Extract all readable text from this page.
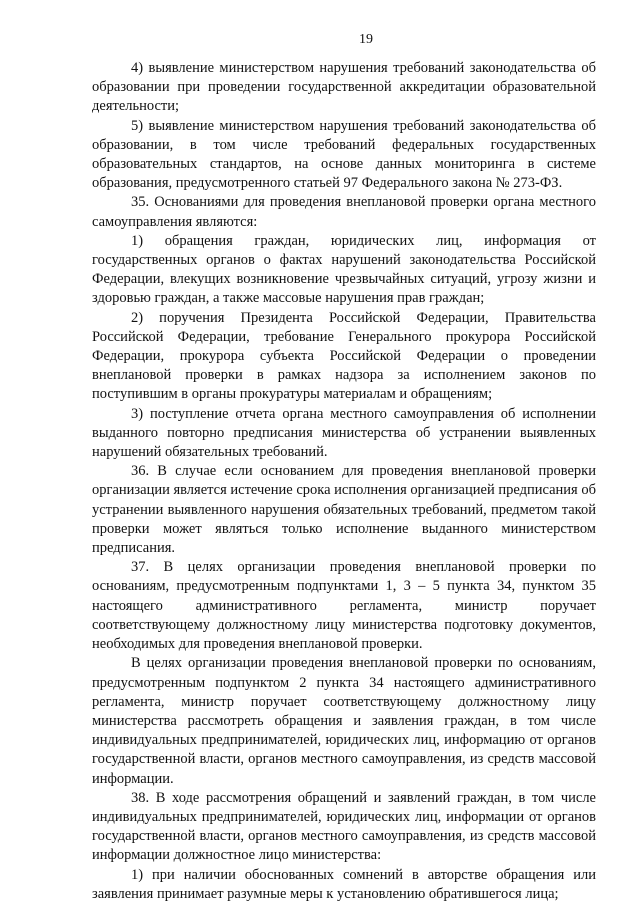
19

4) выявление министерством нарушения требований законодательства об образовании при проведении государственной аккредитации образовательной деятельности;

5) выявление министерством нарушения требований законодательства об образовании, в том числе требований федеральных государственных образовательных стандартов, на основе данных мониторинга в системе образования, предусмотренного статьей 97 Федерального закона № 273-ФЗ.

35. Основаниями для проведения внеплановой проверки органа местного самоуправления являются:

1) обращения граждан, юридических лиц, информация от государственных органов о фактах нарушений законодательства Российской Федерации, влекущих возникновение чрезвычайных ситуаций, угрозу жизни и здоровью граждан, а также массовые нарушения прав граждан;

2) поручения Президента Российской Федерации, Правительства Российской Федерации, требование Генерального прокурора Российской Федерации, прокурора субъекта Российской Федерации о проведении внеплановой проверки в рамках надзора за исполнением законов по поступившим в органы прокуратуры материалам и обращениям;

3) поступление отчета органа местного самоуправления об исполнении выданного повторно предписания министерства об устранении выявленных нарушений обязательных требований.

36. В случае если основанием для проведения внеплановой проверки организации является истечение срока исполнения организацией предписания об устранении выявленного нарушения обязательных требований, предметом такой проверки может являться только исполнение выданного министерством предписания.

37. В целях организации проведения внеплановой проверки по основаниям, предусмотренным подпунктами 1, 3 – 5 пункта 34, пунктом 35 настоящего административного регламента, министр поручает соответствующему должностному лицу министерства подготовку документов, необходимых для проведения внеплановой проверки.

В целях организации проведения внеплановой проверки по основаниям, предусмотренным подпунктом 2 пункта 34 настоящего административного регламента, министр поручает соответствующему должностному лицу министерства рассмотреть обращения и заявления граждан, в том числе индивидуальных предпринимателей, юридических лиц, информацию от органов государственной власти, органов местного самоуправления, из средств массовой информации.

38. В ходе рассмотрения обращений и заявлений граждан, в том числе индивидуальных предпринимателей, юридических лиц, информации от органов государственной власти, органов местного самоуправления, из средств массовой информации должностное лицо министерства:

1) при наличии обоснованных сомнений в авторстве обращения или заявления принимает разумные меры к установлению обратившегося лица;
